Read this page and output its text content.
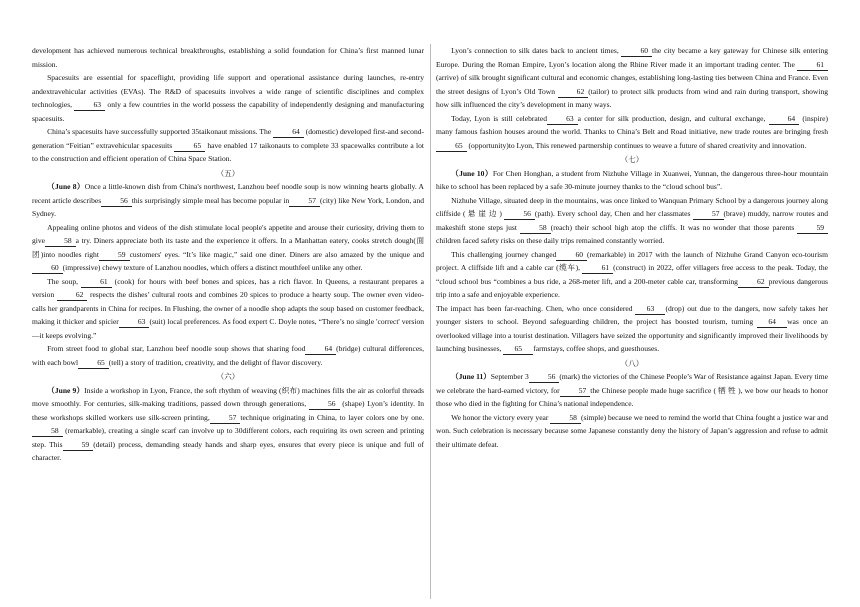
development has achieved numerous technical breakthroughs, establishing a solid foundation for China’s first manned lunar mission.

Spacesuits are essential for spaceflight, providing life support and operational assistance during launches, re-entry andextravehicular activities (EVAs). The R&D of spacesuits involves a wide range of scientific disciplines and complex technologies,	63 only a few countries in the world possess the capability of independently designing and manufacturing spacesuits.

China’s spacesuits have successfully supported 35taikonaut missions. The	64 (domestic) developed first-and second-generation “Feitian” extravehicular spacesuits	65 have enabled 17 taikonauts to complete 33 spacewalks contribute a lot to the construction and efficient operation of China Space Station.

（五）

（June 8）Once a little-known dish from China's northwest, Lanzhou beef noodle soup is now winning hearts globally. A recent article describes	56 this surprisingly simple meal has become popular in	57 (city) like New York, London, and Sydney.

Appealing online photos and videos of the dish stimulate local people's appetite and arouse their curiosity, driving them to give	58 a try. Diners appreciate both its taste and the experience it offers. In a Manhattan eatery, cooks stretch dough(面团)into noodles right	59 customers' eyes. “It’s like magic,” said one diner. Diners are also amazed by the unique and60 (impressive) chewy texture of Lanzhou noodles, which offers a distinct mouthfeel unlike any other.

The soup,	61 (cook) for hours with beef bones and spices, has a rich flavor. In Queens, a restaurant prepares a version	62 respects the dishes’ cultural roots and combines 20 spices to produce a hearty soup. The owner even video-calls her grandparents in China for recipes. In Flushing, the owner of a noodle shop adapts the soup based on customer feedback, making it thicker and spicier	63 (suit) local preferences. As food expert C. Doyle notes, “There’s no single 'correct' version—it keeps evolving.”

From street food to global star, Lanzhou beef noodle soup shows that sharing food	64 (bridge) cultural differences, with each bowl	65 (tell) a story of tradition, creativity, and the delight of flavor discovery.

（六）

（June 9）Inside a workshop in Lyon, France, the soft rhythm of weaving (织布) machines fills the air as colorful threads move smoothly. For centuries, silk-making traditions, passed down through generations,	56 (shape) Lyon’s identity. In these workshops skilled workers use silk-screen printing,	57 technique originating in China, to layer colors one by one.58 (remarkable), creating a single scarf can involve up to 30different colors, each requiring its own screen and printing step. This	59 (detail) process, demanding steady hands and sharp eyes, ensures that every piece is unique and full of character.

Lyon’s connection to silk dates back to ancient times,	60 the city became a key gateway for Chinese silk entering Europe. During the Roman Empire, Lyon’s location along the Rhine River made it an important trading center. The	61(arrive) of silk brought significant cultural and economic changes, establishing long-lasting ties between China and France. Even the street designs of Lyon’s Old Town	62 (tailor) to protect silk products from wind and rain during transport, showing how silk influenced the city’s development in many ways.

Today, Lyon is still celebrated	63 a center for silk production, design, and cultural exchange,	64 (inspire) many famous fashion houses around the world. Thanks to China’s Belt and Road initiative, new trade routes are bringing fresh 65 (opportunity)to Lyon, This renewed partnership continues to weave a future of shared creativity and innovation.

（七）

（June 10）For Chen Honghan, a student from Nizhuhe Village in Xuanwei, Yunnan, the dangerous three-hour mountain hike to school has been replaced by a safe 30-minute journey thanks to the “cloud school bus”.

Nizhuhe Village, situated deep in the mountains, was once linked to Wanquan Primary School by a dangerous journey along cliffside ( 悬 崖 边 )	56 (path). Every school day, Chen and her classmates	57 (brave) muddy, narrow routes and makeshift stone steps just	58 (reach) their school high atop the cliffs. It was no wonder that those parents	59children faced safety risks on these daily trips remained constantly worried.

This challenging journey changed	60 (remarkable) in 2017 with the launch of Nizhuhe Grand Canyon eco-tourism project. A cliffside lift and a cable car (缆车),	61 (construct) in 2022, offer villagers free access to the peak. Today, the “cloud school bus “combines a bus ride, a 268-meter lift, and a 200-meter cable car, transforming	62 previous dangerous trip into a safe and enjoyable experience.

The impact has been far-reaching. Chen, who once considered 63 (drop) out due to the dangers, now safely takes her younger sisters to school. Beyond safeguarding children, the project has boosted tourism, turning 64 was once an overlooked village into a tourist destination. Villagers have seized the opportunity and significantly improved their livelihoods by launching businesses, 65 farmstays, coffee shops, and guesthouses.

（八）

（June 11）September 3	56 (mark) the victories of the Chinese People’s War of Resistance against Japan. Every time we celebrate the hard-earned victory, for	57 the Chinese people made huge sacrifice ( 牺 牲 ), we bow our heads to honor those who died in the fighting for China’s national independence.

We honor the victory every year	58 (simple) because we need to remind the world that China fought a justice war and won. Such celebration is necessary because some Japanese constantly deny the history of Japan’s aggression and refuse to admit their ultimate defeat.
